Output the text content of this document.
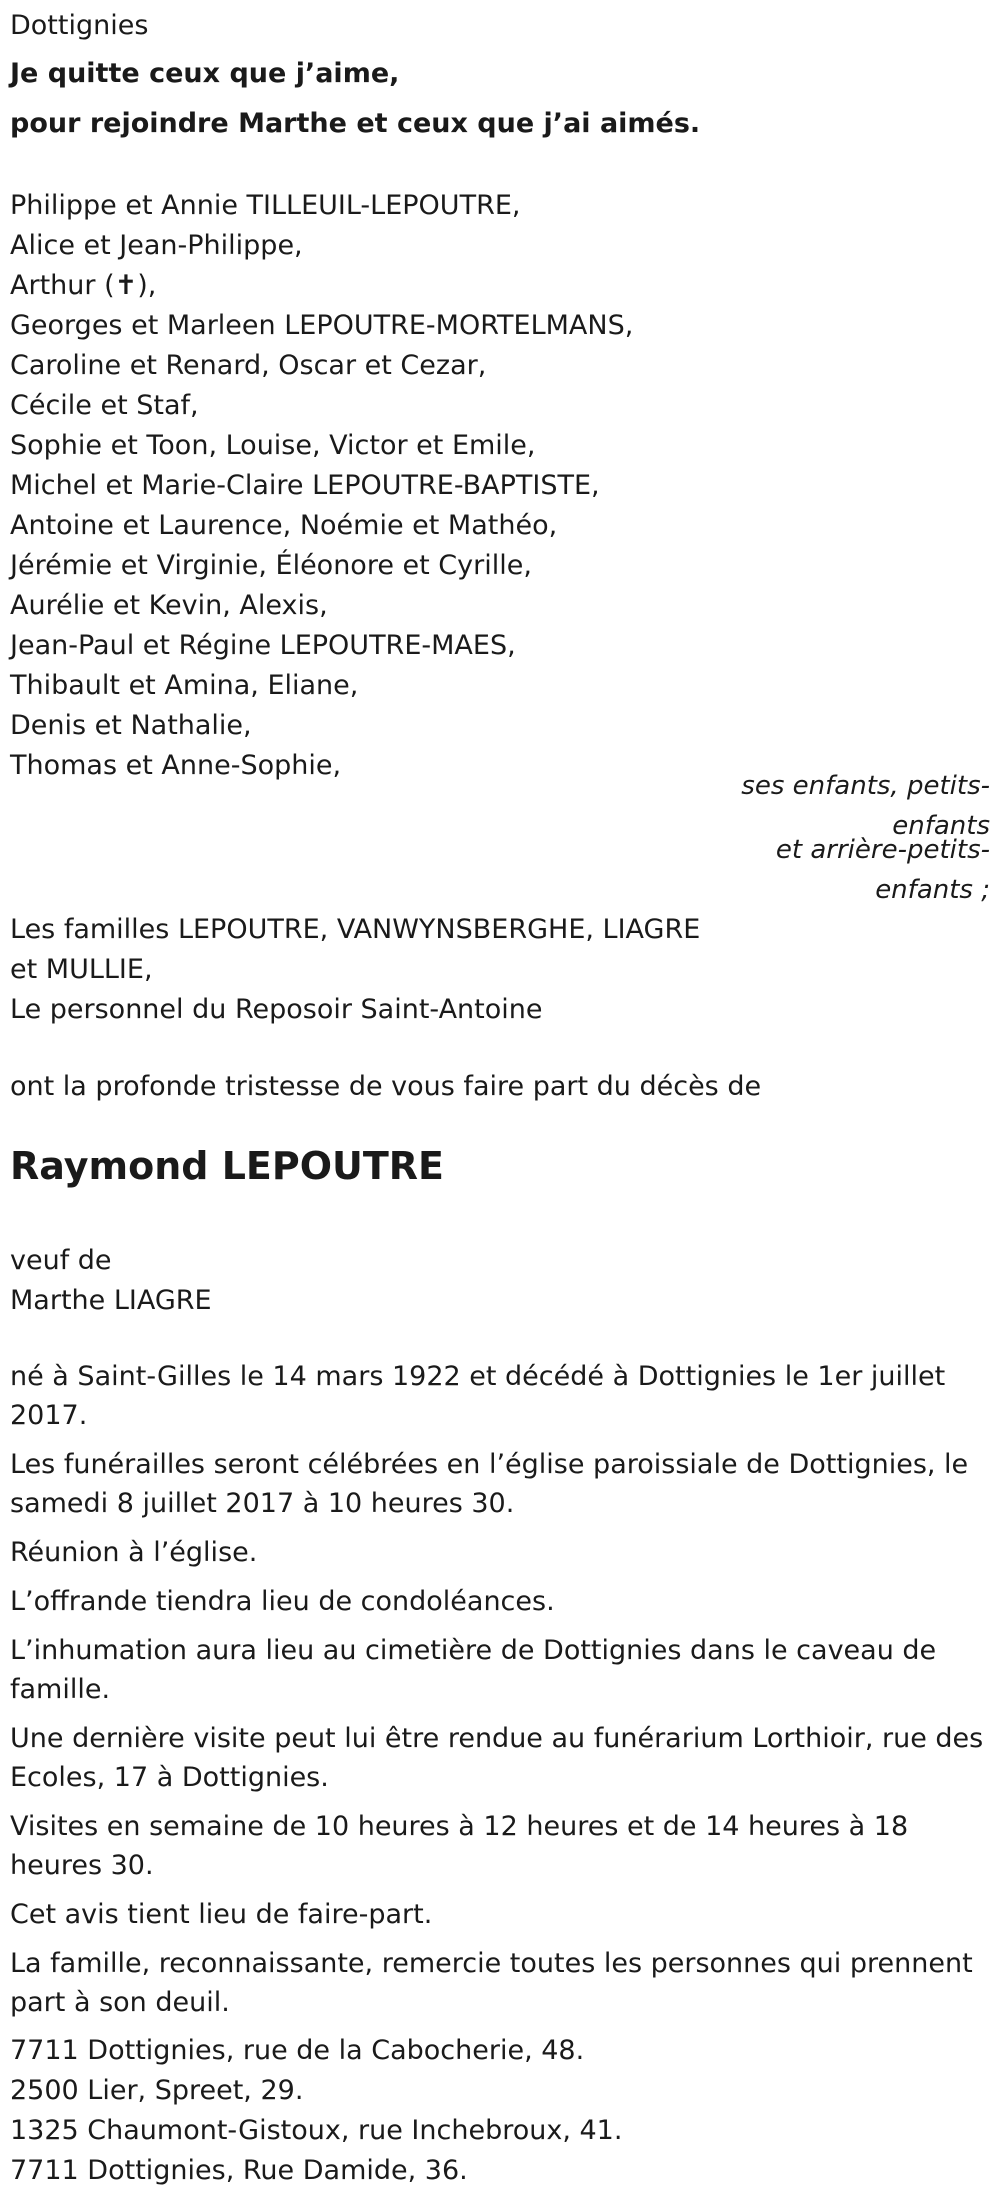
Dottignies
Je quitte ceux que j’aime,
pour rejoindre Marthe et ceux que j’ai aimés.
Philippe et Annie TILLEUIL-LEPOUTRE,
Alice et Jean-Philippe,
Arthur (✝),
Georges et Marleen LEPOUTRE-MORTELMANS,
Caroline et Renard, Oscar et Cezar,
Cécile et Staf,
Sophie et Toon, Louise, Victor et Emile,
Michel et Marie-Claire LEPOUTRE-BAPTISTE,
Antoine et Laurence, Noémie et Mathéo,
Jérémie et Virginie, Éléonore et Cyrille,
Aurélie et Kevin, Alexis,
Jean-Paul et Régine LEPOUTRE-MAES,
Thibault et Amina, Eliane,
Denis et Nathalie,
Thomas et Anne-Sophie,
ses enfants, petits-enfants
et arrière-petits-enfants ;
Les familles LEPOUTRE, VANWYNSBERGHE, LIAGRE
et MULLIE,
Le personnel du Reposoir Saint-Antoine
ont la profonde tristesse de vous faire part du décès de
Raymond LEPOUTRE
veuf de
Marthe LIAGRE

né à Saint-Gilles le 14 mars 1922 et décédé à Dottignies le 1er juillet 2017.

Les funérailles seront célébrées en l’église paroissiale de Dottignies, le samedi 8 juillet 2017 à 10 heures 30.

Réunion à l’église.

L’offrande tiendra lieu de condoléances.

L’inhumation aura lieu au cimetière de Dottignies dans le caveau de famille.

Une dernière visite peut lui être rendue au funérarium Lorthioir, rue des Ecoles, 17 à Dottignies.

Visites en semaine de 10 heures à 12 heures et de 14 heures à 18 heures 30.

Cet avis tient lieu de faire-part.

La famille, reconnaissante, remercie toutes les personnes qui prennent part à son deuil.

7711 Dottignies, rue de la Cabocherie, 48.
2500 Lier, Spreet, 29.
1325 Chaumont-Gistoux, rue Inchebroux, 41.
7711 Dottignies, Rue Damide, 36.
